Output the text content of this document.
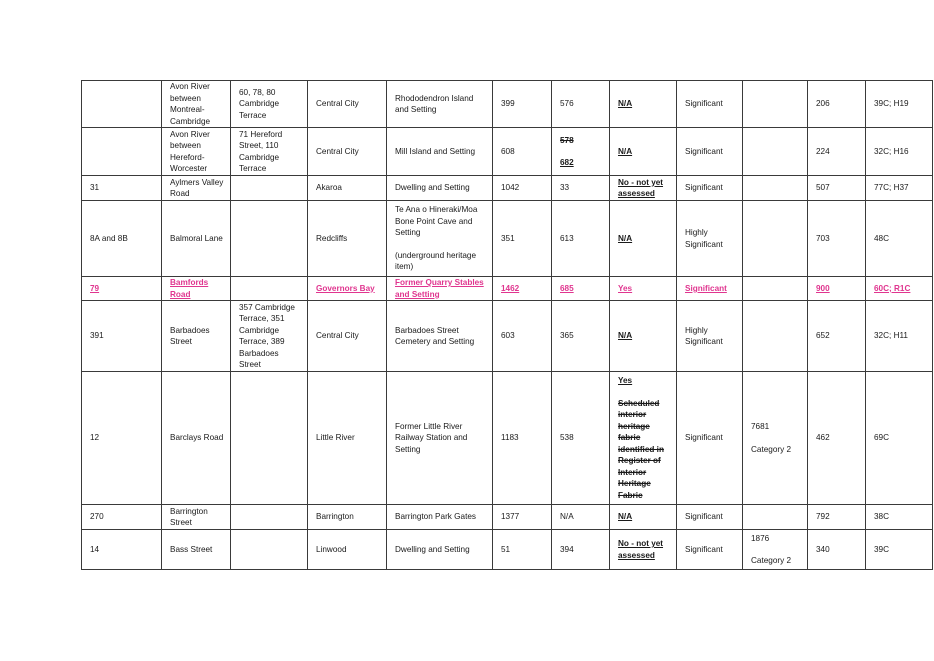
	Avon River between Montreal-Cambridge	60, 78, 80 Cambridge Terrace	Central City	Rhododendron Island and Setting	399	576	N/A	Significant		206	39C; H19
	Avon River between Hereford-Worcester	71 Hereford Street, 110 Cambridge Terrace	Central City	Mill Island and Setting	608	578
682	N/A	Significant		224	32C; H16
31	Aylmers Valley Road		Akaroa	Dwelling and Setting	1042	33	No - not yet assessed	Significant		507	77C; H37
8A and 8B	Balmoral Lane		Redcliffs	Te Ana o Hineraki/Moa Bone Point Cave and Setting
(underground heritage item)	351	613	N/A	Highly Significant		703	48C
79	Bamfords Road		Governors Bay	Former Quarry Stables and Setting	1462	685	Yes	Significant		900	60C; R1C
391	Barbadoes Street	357 Cambridge Terrace, 351 Cambridge Terrace, 389 Barbadoes Street	Central City	Barbadoes Street Cemetery and Setting	603	365	N/A	Highly Significant		652	32C; H11
12	Barclays Road		Little River	Former Little River Railway Station and Setting	1183	538	Yes
Scheduled interior heritage fabric identified in Register of Interior Heritage Fabric	Significant	7681
Category 2	462	69C
270	Barrington Street		Barrington	Barrington Park Gates	1377	N/A	N/A	Significant		792	38C
14	Bass Street		Linwood	Dwelling and Setting	51	394	No - not yet assessed	Significant	1876
Category 2	340	39C
